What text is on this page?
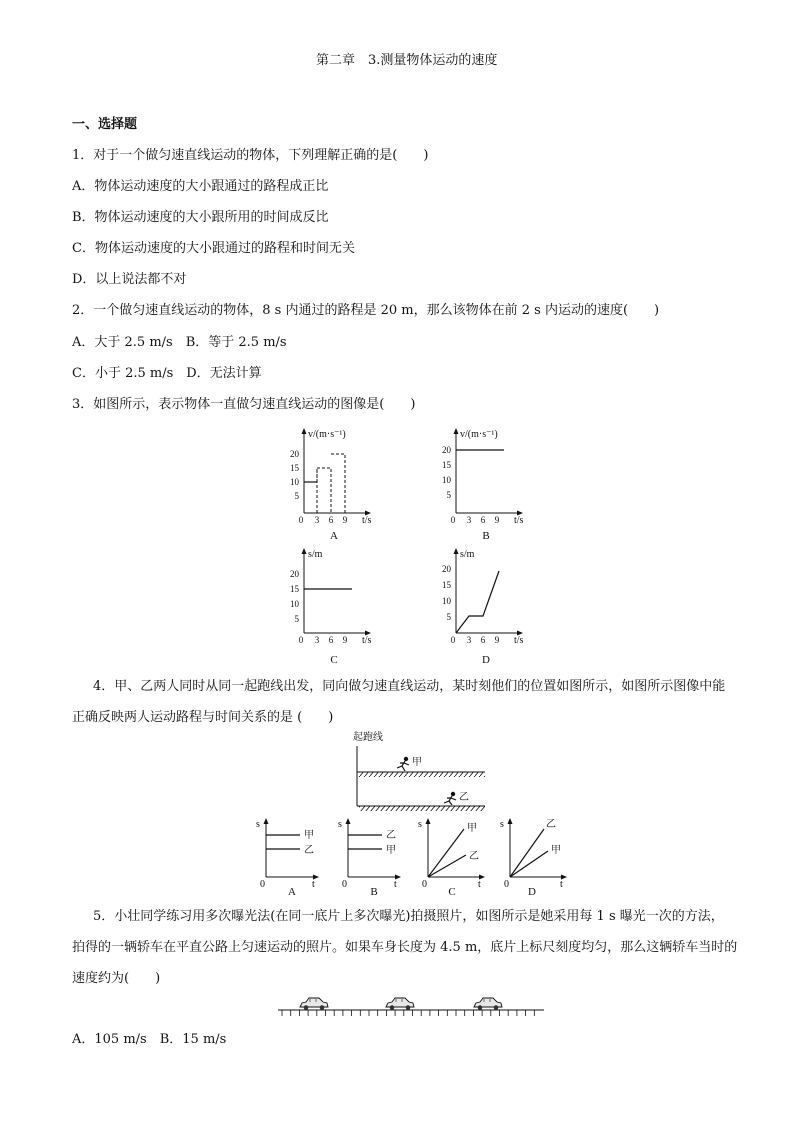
第二章　3.测量物体运动的速度
一、选择题
1．对于一个做匀速直线运动的物体，下列理解正确的是(　　)
A．物体运动速度的大小跟通过的路程成正比
B．物体运动速度的大小跟所用的时间成反比
C．物体运动速度的大小跟通过的路程和时间无关
D．以上说法都不对
2．一个做匀速直线运动的物体，8 s 内通过的路程是 20 m，那么该物体在前 2 s 内运动的速度(　　)
A．大于 2.5 m/s　B．等于 2.5 m/s
C．小于 2.5 m/s　D．无法计算
3．如图所示，表示物体一直做匀速直线运动的图像是(　　)
v/(m·s⁻¹)
20
15
10
5
0 3 6 9 t/s
A
v/(m·s⁻¹)
20
15
10
5
0 3 6 9 t/s
B
s/m
20
15
10
5
0 3 6 9 t/s
C
s/m
20
15
10
5
0 3 6 9 t/s
D
4．甲、乙两人同时从同一起跑线出发，同向做匀速直线运动，某时刻他们的位置如图所示，如图所示图像中能
正确反映两人运动路程与时间关系的是 (　　)
起跑线
甲
乙
s
t
0
甲
乙
A
s
t
0
乙
甲
B
s
t
0
甲
乙
C
s
t
0
乙
甲
D
5．小壮同学练习用多次曝光法(在同一底片上多次曝光)拍摄照片，如图所示是她采用每 1 s 曝光一次的方法，
拍得的一辆轿车在平直公路上匀速运动的照片。如果车身长度为 4.5 m，底片上标尺刻度均匀，那么这辆轿车当时的
速度约为(　　)
A．105 m/s　B．15 m/s
